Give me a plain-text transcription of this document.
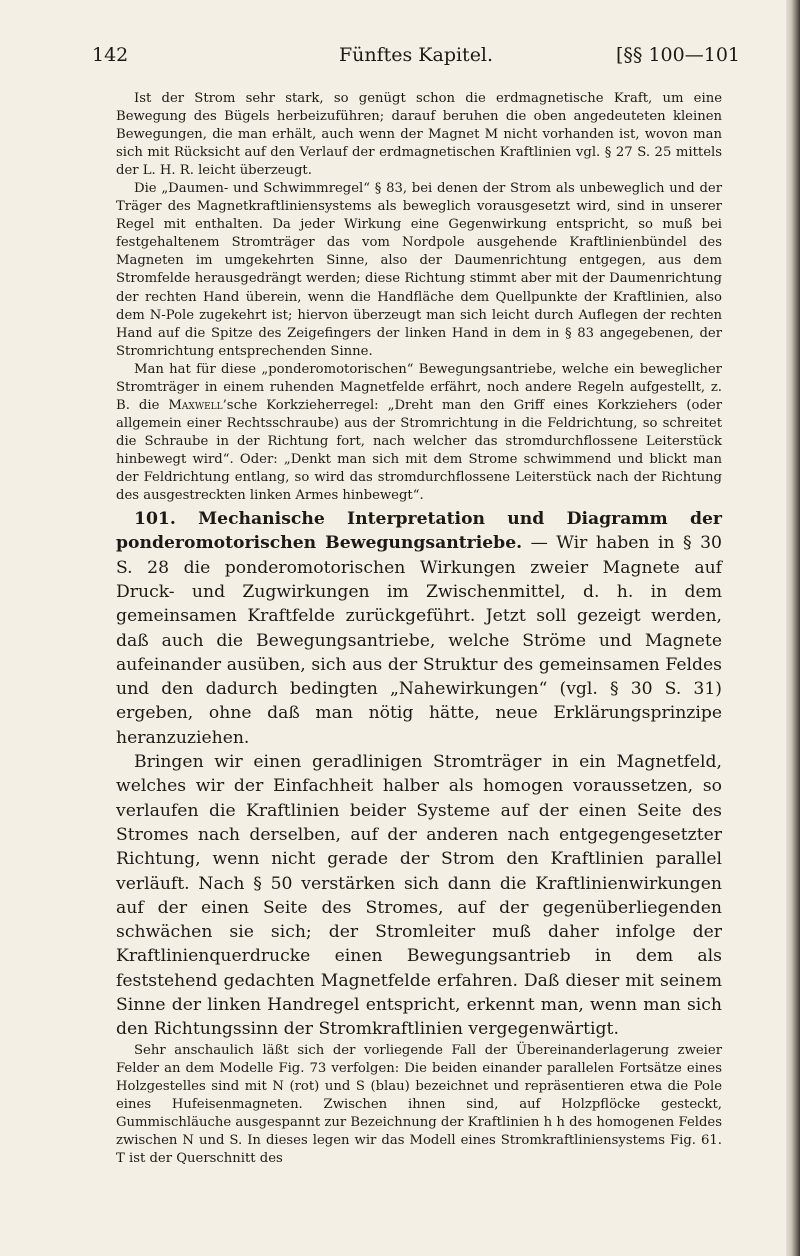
142	Fünftes Kapitel.	[§§ 100—101

Ist der Strom sehr stark, so genügt schon die erdmagnetische Kraft, um eine Bewegung des Bügels herbeizuführen; darauf beruhen die oben angedeuteten kleinen Bewegungen, die man erhält, auch wenn der Magnet M nicht vorhanden ist, wovon man sich mit Rücksicht auf den Verlauf der erdmagnetischen Kraftlinien vgl. § 27 S. 25 mittels der L. H. R. leicht überzeugt.

Die „Daumen- und Schwimmregel“ § 83, bei denen der Strom als unbeweglich und der Träger des Magnetkraftliniensystems als beweglich vorausgesetzt wird, sind in unserer Regel mit enthalten. Da jeder Wirkung eine Gegenwirkung entspricht, so muß bei festgehaltenem Stromträger das vom Nordpole ausgehende Kraftlinienbündel des Magneten im umgekehrten Sinne, also der Daumenrichtung entgegen, aus dem Stromfelde herausgedrängt werden; diese Richtung stimmt aber mit der Daumenrichtung der rechten Hand überein, wenn die Handfläche dem Quellpunkte der Kraftlinien, also dem N-Pole zugekehrt ist; hiervon überzeugt man sich leicht durch Auflegen der rechten Hand auf die Spitze des Zeigefingers der linken Hand in dem in § 83 angegebenen, der Stromrichtung entsprechenden Sinne.

Man hat für diese „ponderomotorischen“ Bewegungsantriebe, welche ein beweglicher Stromträger in einem ruhenden Magnetfelde erfährt, noch andere Regeln aufgestellt, z. B. die Maxwell’sche Korkzieherregel: „Dreht man den Griff eines Korkziehers (oder allgemein einer Rechtsschraube) aus der Stromrichtung in die Feldrichtung, so schreitet die Schraube in der Richtung fort, nach welcher das stromdurchflossene Leiterstück hinbewegt wird“. Oder: „Denkt man sich mit dem Strome schwimmend und blickt man der Feldrichtung entlang, so wird das stromdurchflossene Leiterstück nach der Richtung des ausgestreckten linken Armes hinbewegt“.

101. Mechanische Interpretation und Diagramm der ponderomotorischen Bewegungsantriebe. — Wir haben in § 30 S. 28 die ponderomotorischen Wirkungen zweier Magnete auf Druck- und Zugwirkungen im Zwischenmittel, d. h. in dem gemeinsamen Kraftfelde zurückgeführt. Jetzt soll gezeigt werden, daß auch die Bewegungsantriebe, welche Ströme und Magnete aufeinander ausüben, sich aus der Struktur des gemeinsamen Feldes und den dadurch bedingten „Nahewirkungen“ (vgl. § 30 S. 31) ergeben, ohne daß man nötig hätte, neue Erklärungsprinzipe heranzuziehen.

Bringen wir einen geradlinigen Stromträger in ein Magnetfeld, welches wir der Einfachheit halber als homogen voraussetzen, so verlaufen die Kraftlinien beider Systeme auf der einen Seite des Stromes nach derselben, auf der anderen nach entgegengesetzter Richtung, wenn nicht gerade der Strom den Kraftlinien parallel verläuft. Nach § 50 verstärken sich dann die Kraftlinienwirkungen auf der einen Seite des Stromes, auf der gegenüberliegenden schwächen sie sich; der Stromleiter muß daher infolge der Kraftlinienquerdrucke einen Bewegungsantrieb in dem als feststehend gedachten Magnetfelde erfahren. Daß dieser mit seinem Sinne der linken Handregel entspricht, erkennt man, wenn man sich den Richtungssinn der Stromkraftlinien vergegenwärtigt.

Sehr anschaulich läßt sich der vorliegende Fall der Übereinanderlagerung zweier Felder an dem Modelle Fig. 73 verfolgen: Die beiden einander parallelen Fortsätze eines Holzgestelles sind mit N (rot) und S (blau) bezeichnet und repräsentieren etwa die Pole eines Hufeisenmagneten. Zwischen ihnen sind, auf Holzpflöcke gesteckt, Gummischläuche ausgespannt zur Bezeichnung der Kraftlinien h h des homogenen Feldes zwischen N und S. In dieses legen wir das Modell eines Stromkraftliniensystems Fig. 61. T ist der Querschnitt des
